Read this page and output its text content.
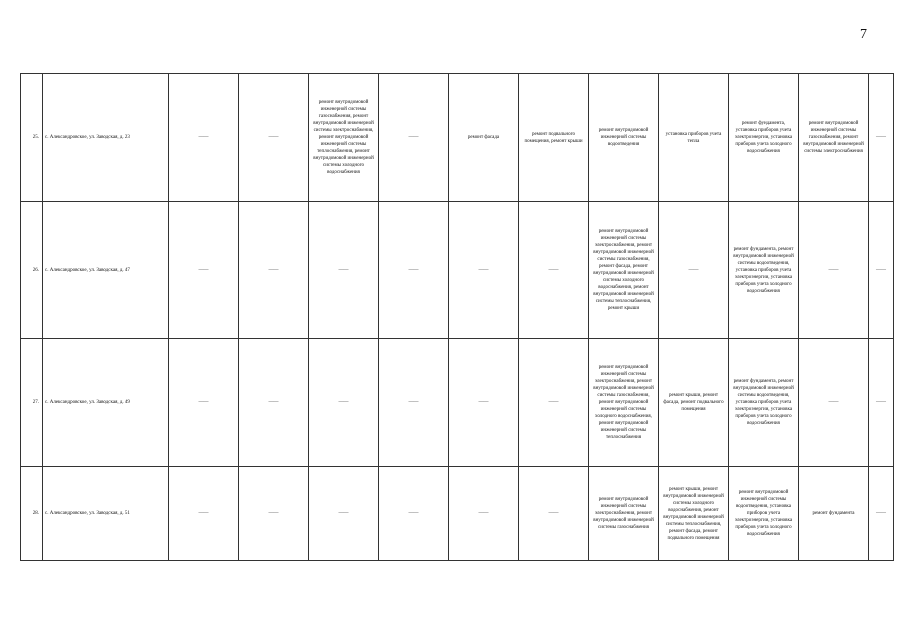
7
25.	с. Александровское, ул. Заводская, д. 23	——	——	ремонт внутридомовой инженерной системы газоснабжения, ремонт внутридомовой инженерной системы электроснабжения, ремонт внутридомовой инженерной системы теплоснабжения, ремонт внутридомовой инженерной системы холодного водоснабжения	——	ремонт фасада	ремонт подвального помещения, ремонт крыши	ремонт внутридомовой инженерной системы водоотведения	установка приборов учета тепла	ремонт фундамента, установка приборов учета электроэнергии, установка приборов учета холодного водоснабжения	ремонт внутридомовой инженерной системы газоснабжения, ремонт внутридомовой инженерной системы электроснабжения	——
26.	с. Александровское, ул. Заводская, д. 47	——	——	——	——	——	——	ремонт внутридомовой инженерной системы электроснабжения, ремонт внутридомовой инженерной системы газоснабжения, ремонт фасада, ремонт внутридомовой инженерной системы холодного водоснабжения, ремонт внутридомовой инженерной системы теплоснабжения, ремонт крыши	——	ремонт фундамента, ремонт внутридомовой инженерной системы водоотведения, установка приборов учета электроэнергии, установка приборов учета холодного водоснабжения	——	——
27.	с. Александровское, ул. Заводская, д. 49	——	——	——	——	——	——	ремонт внутридомовой инженерной системы электроснабжения, ремонт внутридомовой инженерной системы газоснабжения, ремонт внутридомовой инженерной системы холодного водоснабжения, ремонт внутридомовой инженерной системы теплоснабжения	ремонт крыши, ремонт фасада, ремонт подвального помещения	ремонт фундамента, ремонт внутридомовой инженерной системы водоотведения, установка приборов учета электроэнергии, установка приборов учета холодного водоснабжения	——	——
28.	с. Александровское, ул. Заводская, д. 51	——	——	——	——	——	——	ремонт внутридомовой инженерной системы электроснабжения, ремонт внутридомовой инженерной системы газоснабжения	ремонт крыши, ремонт внутридомовой инженерной системы холодного водоснабжения, ремонт внутридомовой инженерной системы теплоснабжения, ремонт фасада, ремонт подвального помещения	ремонт внутридомовой инженерной системы водоотведения, установка приборов учета электроэнергии, установка приборов учета холодного водоснабжения	ремонт фундамента	——
